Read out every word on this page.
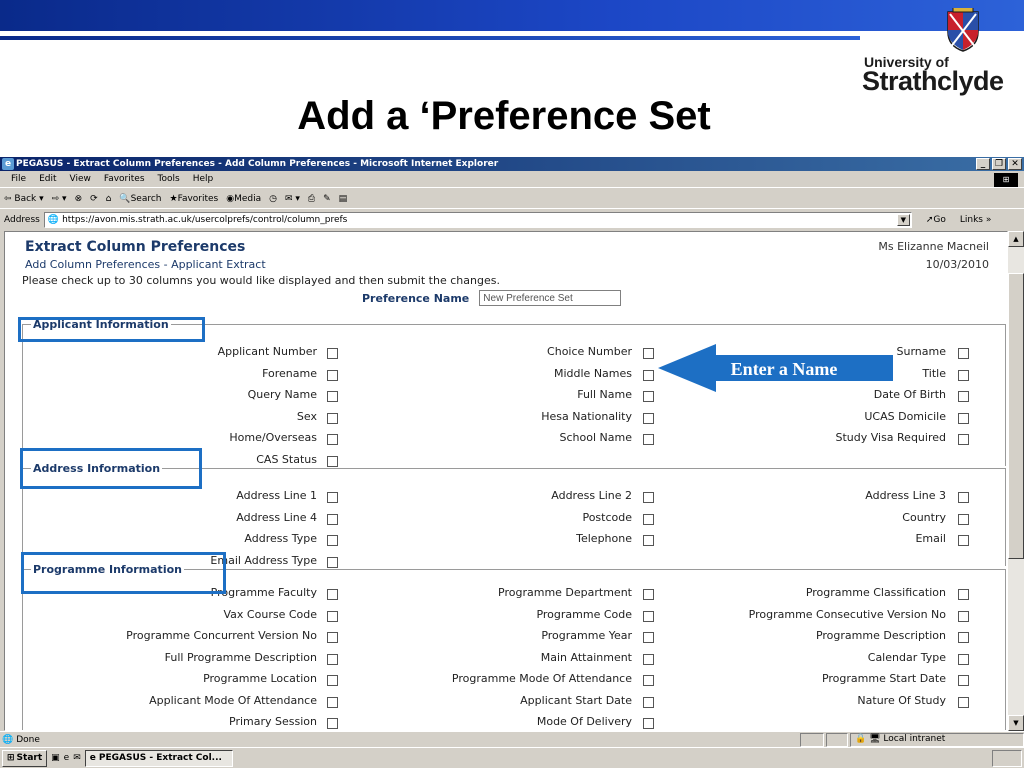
University of
Strathclyde
Add a ‘Preference Set
e PEGASUS - Extract Column Preferences - Add Column Preferences - Microsoft Internet Explorer	_	❐ ✕
File	Edit	View	Favorites	Tools	Help	⊞
⇦ Back ▾ ⇨ ▾ ⊗ ⟳ ⌂ 🔍Search ★Favorites ◉Media ◷ ✉ ▾ ⎙ ✎ ▤
Address 🌐 https://avon.mis.strath.ac.uk/usercolprefs/control/column_prefs	▼	➚Go Links »
Extract Column Preferences
Add Column Preferences - Applicant Extract
Ms Elizanne Macneil
10/03/2010
Please check up to 30 columns you would like displayed and then submit the changes.
Preference Name
New Preference Set
Applicant Information
Applicant Number	Choice Number	Surname
Forename	Middle Names	Title
Query Name	Full Name	Date Of Birth
Sex	Hesa Nationality	UCAS Domicile
Home/Overseas	School Name	Study Visa Required
CAS Status
Address Information
Address Line 1	Address Line 2	Address Line 3
Address Line 4	Postcode	Country
Address Type	Telephone	Email
Email Address Type
Programme Information
Programme Faculty	Programme Department	Programme Classification
Vax Course Code	Programme Code	Programme Consecutive Version No
Programme Concurrent Version No	Programme Year	Programme Description
Full Programme Description	Main Attainment	Calendar Type
Programme Location	Programme Mode Of Attendance	Programme Start Date
Applicant Mode Of Attendance	Applicant Start Date	Nature Of Study
Primary Session	Mode Of Delivery
Enter a Name
▲
▼
🌐 Done	🔒 🖥 Local intranet
⊞ Start ▣ e ✉ e PEGASUS - Extract Col...
